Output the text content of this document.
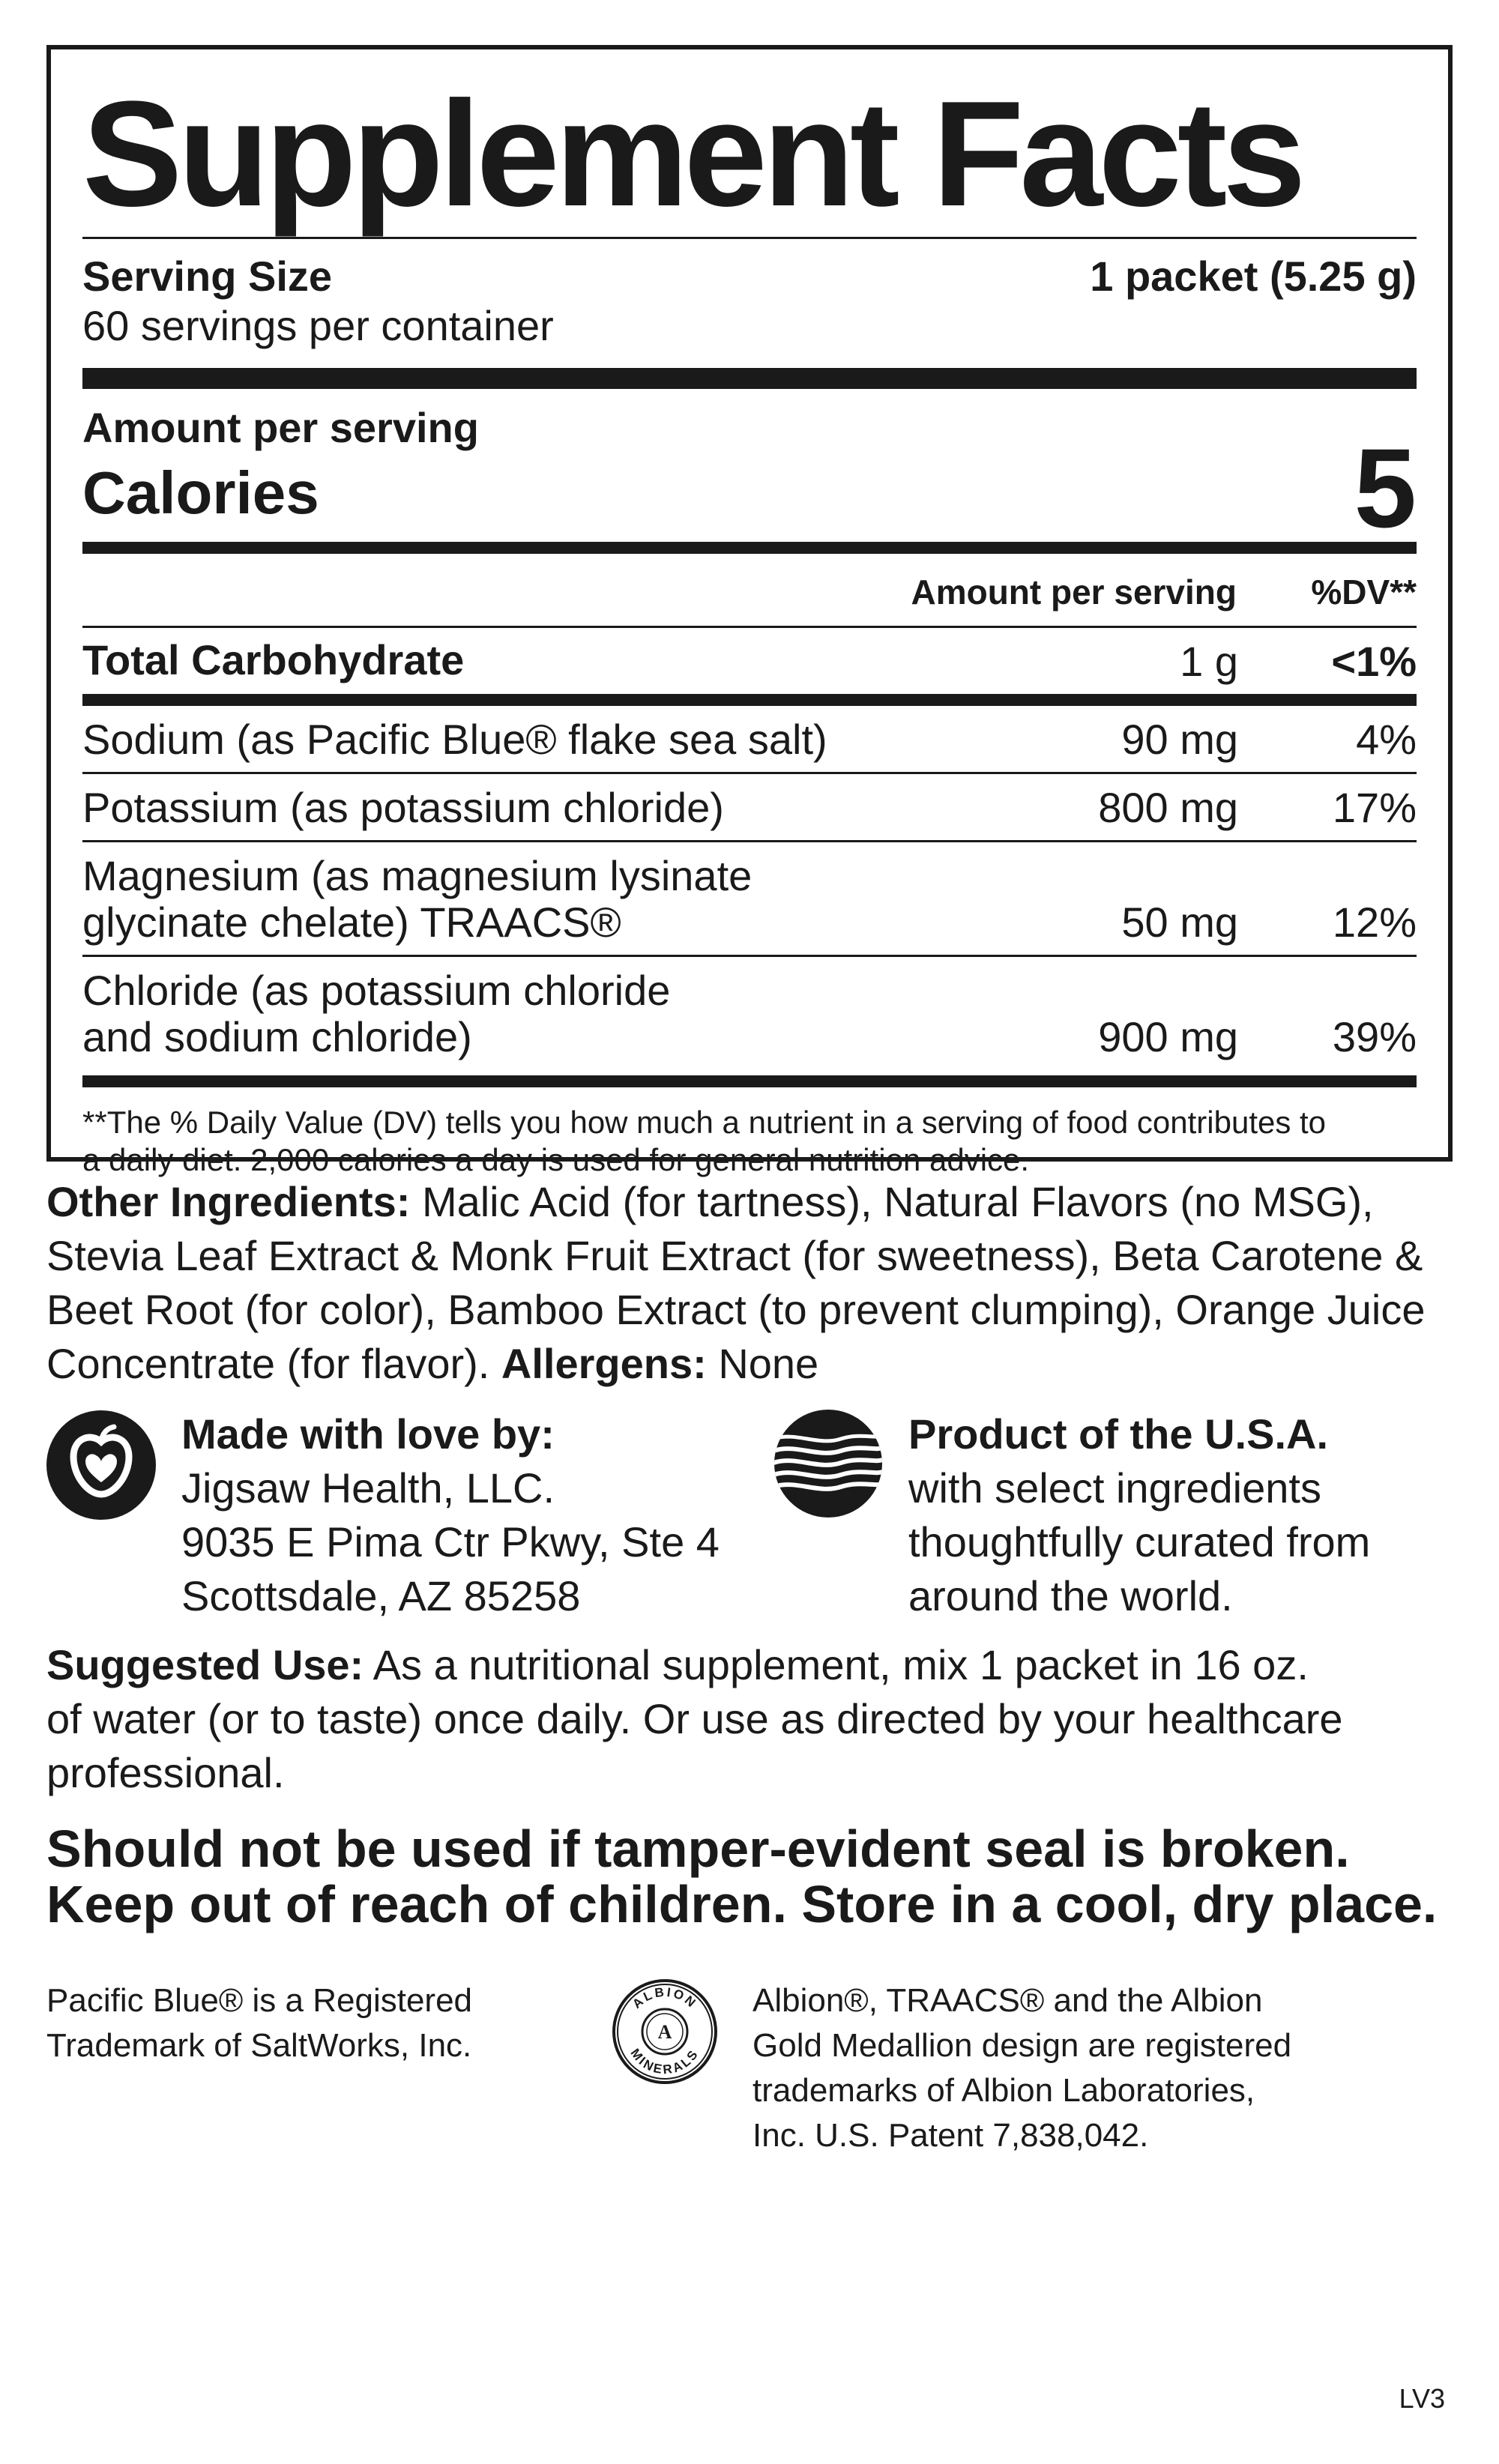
Supplement Facts
Serving Size	1 packet (5.25 g)
60 servings per container
Amount per serving
Calories	5
Amount per serving %DV**
Total Carbohydrate	1 g <1%
Sodium (as Pacific Blue® flake sea salt)	90 mg	4%
Potassium (as potassium chloride)	800 mg 17%
Magnesium (as magnesium lysinate
glycinate chelate) TRAACS®	50 mg 12%
Chloride (as potassium chloride
and sodium chloride)	900 mg 39%
**The % Daily Value (DV) tells you how much a nutrient in a serving of food contributes to
a daily diet. 2,000 calories a day is used for general nutrition advice.
Other Ingredients: Malic Acid (for tartness), Natural Flavors (no MSG),
Stevia Leaf Extract & Monk Fruit Extract (for sweetness), Beta Carotene &
Beet Root (for color), Bamboo Extract (to prevent clumping), Orange Juice
Concentrate (for flavor). Allergens: None
Made with love by:
Jigsaw Health, LLC.
9035 E Pima Ctr Pkwy, Ste 4
Scottsdale, AZ 85258
Product of the U.S.A.
with select ingredients
thoughtfully curated from
around the world.
Suggested Use: As a nutritional supplement, mix 1 packet in 16 oz.
of water (or to taste) once daily. Or use as directed by your healthcare
professional.
Should not be used if tamper-evident seal is broken.
Keep out of reach of children. Store in a cool, dry place.
Pacific Blue® is a Registered
Trademark of SaltWorks, Inc.
ALBION
MINERALS
A
Albion®, TRAACS® and the Albion
Gold Medallion design are registered
trademarks of Albion Laboratories,
Inc. U.S. Patent 7,838,042.
LV3
